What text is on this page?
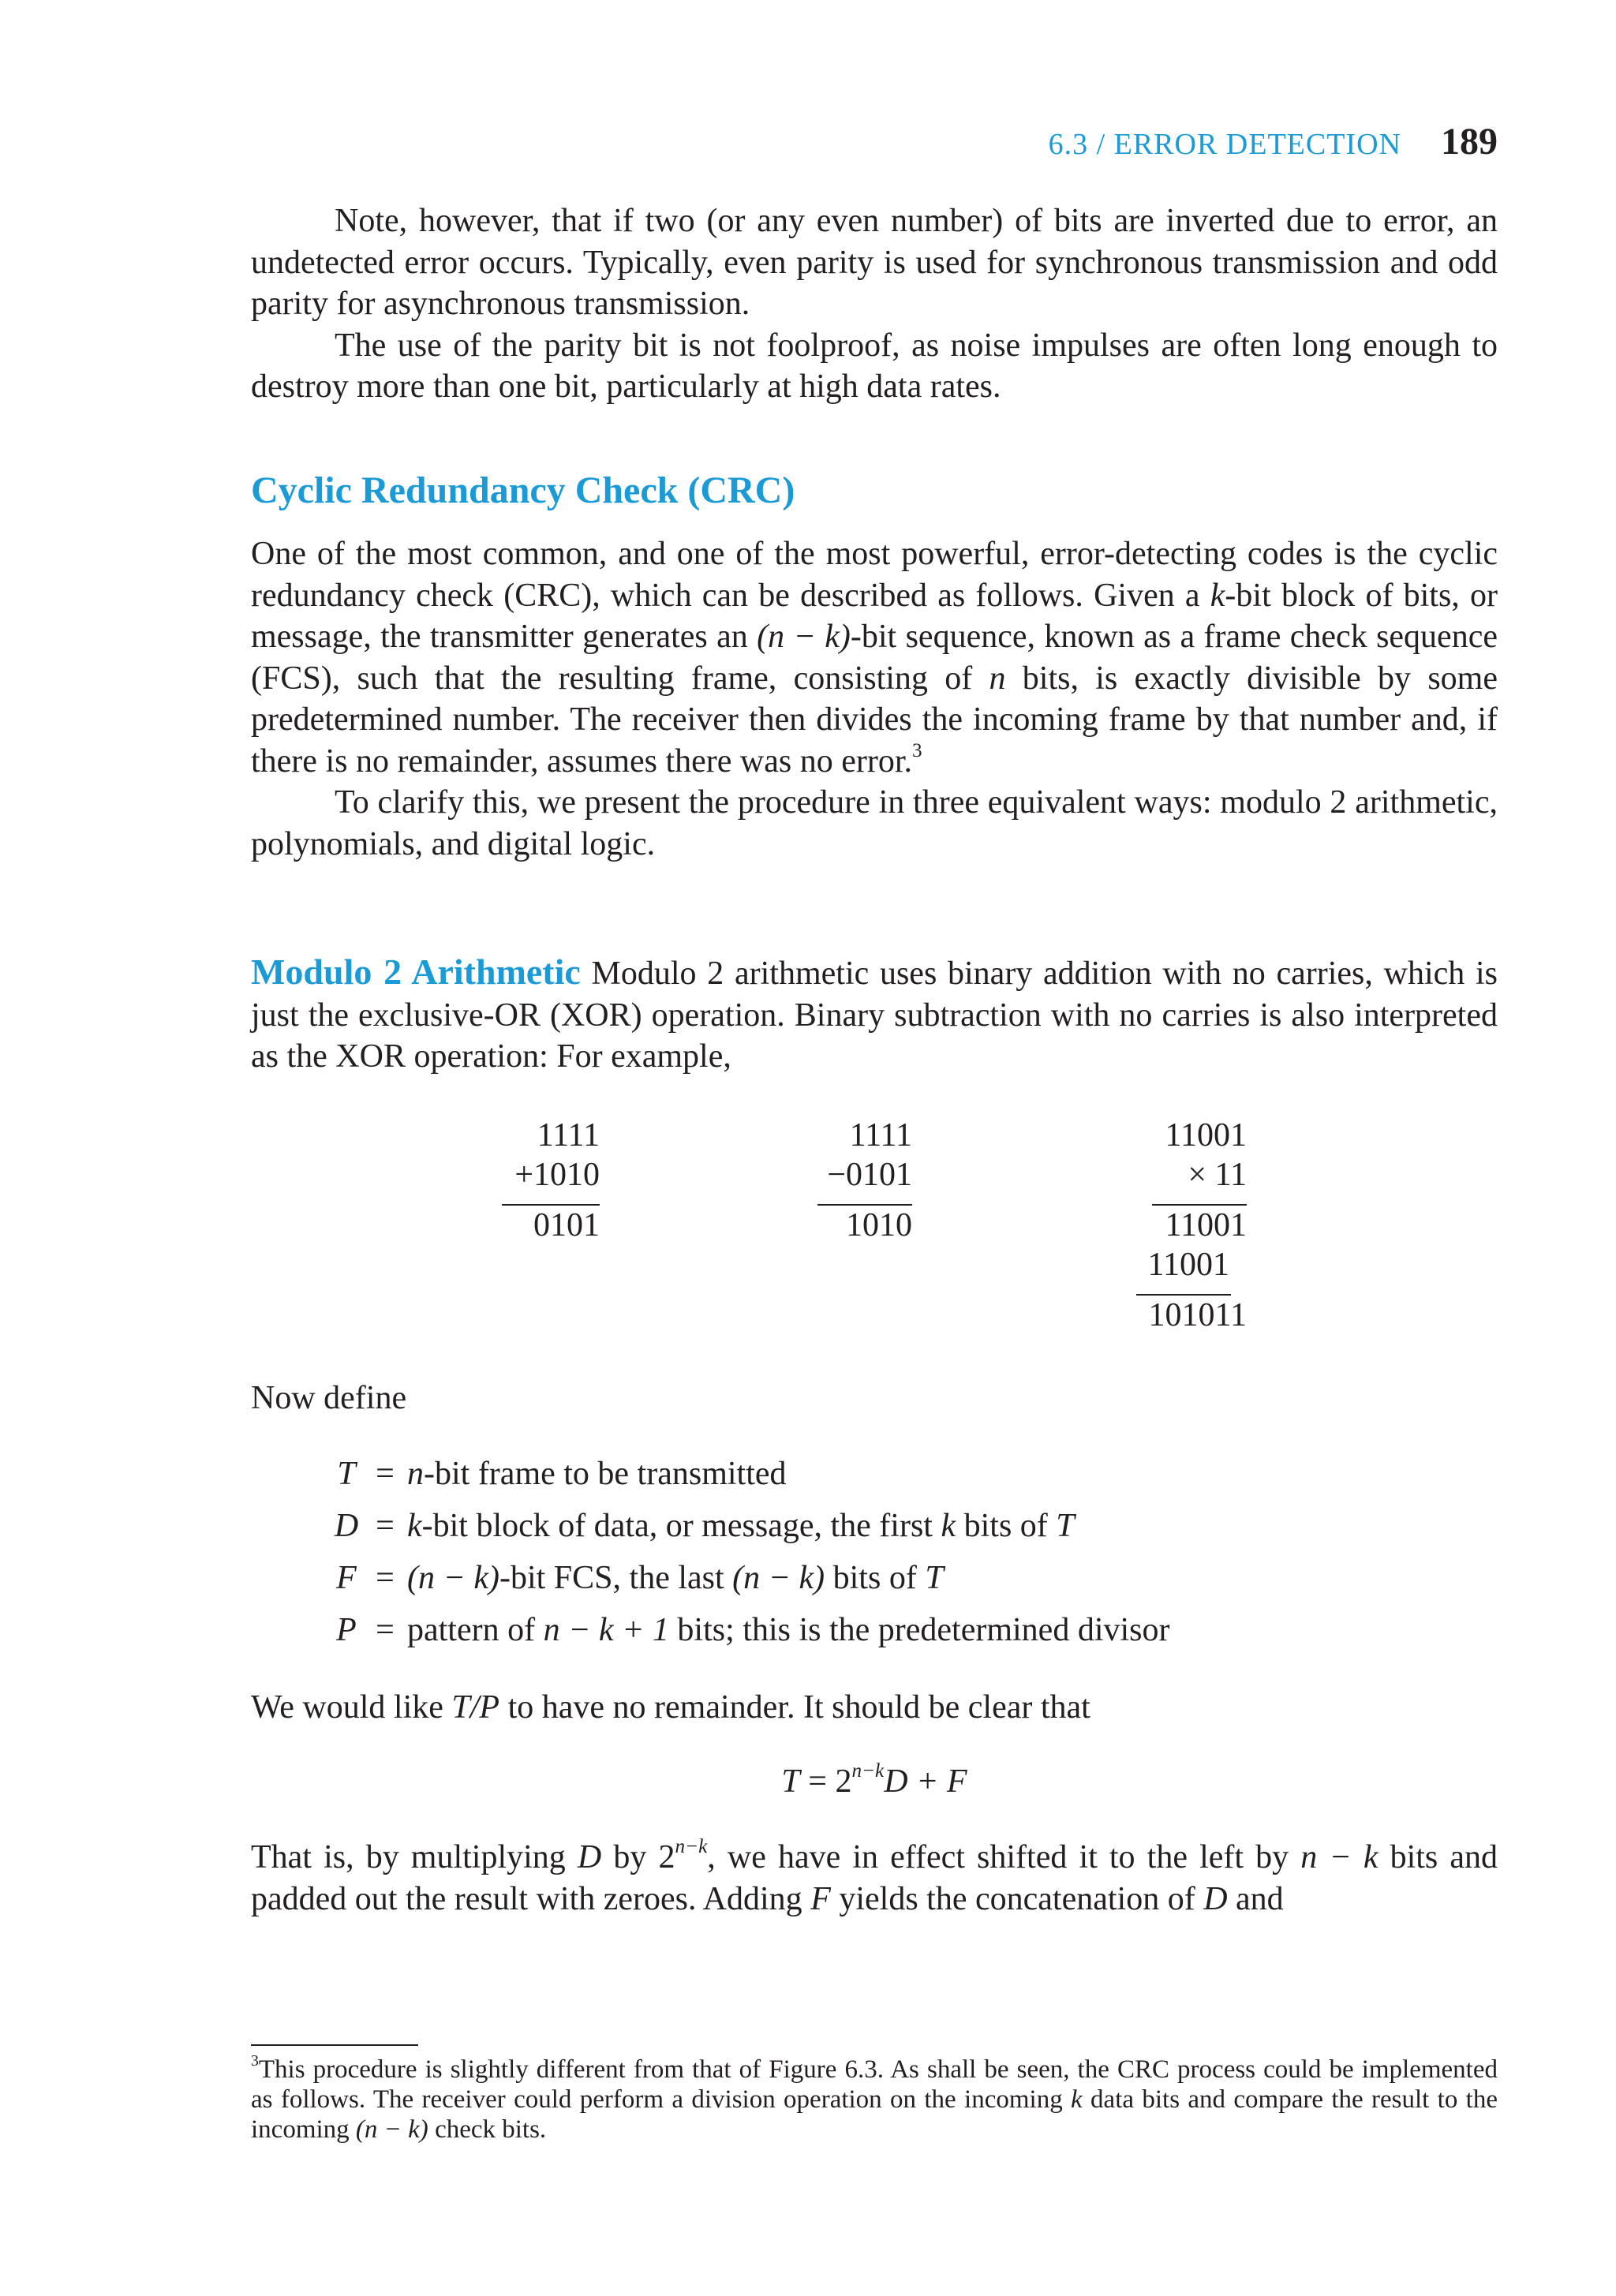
6.3 / ERROR DETECTION 189

Note, however, that if two (or any even number) of bits are inverted due to error, an undetected error occurs. Typically, even parity is used for synchronous transmission and odd parity for asynchronous transmission.

The use of the parity bit is not foolproof, as noise impulses are often long enough to destroy more than one bit, particularly at high data rates.

Cyclic Redundancy Check (CRC)

One of the most common, and one of the most powerful, error-detecting codes is the cyclic redundancy check (CRC), which can be described as follows. Given a k-bit block of bits, or message, the transmitter generates an (n − k)-bit sequence, known as a frame check sequence (FCS), such that the resulting frame, consisting of n bits, is exactly divisible by some predetermined number. The receiver then divides the incoming frame by that number and, if there is no remainder, assumes there was no error.$^3$

To clarify this, we present the procedure in three equivalent ways: modulo 2 arithmetic, polynomials, and digital logic.

Modulo 2 Arithmetic Modulo 2 arithmetic uses binary addition with no carries, which is just the exclusive-OR (XOR) operation. Binary subtraction with no carries is also interpreted as the XOR operation: For example,

1111
+1010
0101
1111
−0101
1010
11001
× 11
11001
11001
101011
Now define
T = n-bit frame to be transmitted
D = k-bit block of data, or message, the first k bits of T
F = (n − k)-bit FCS, the last (n − k) bits of T
P = pattern of n − k + 1 bits; this is the predetermined divisor
We would like T/P to have no remainder. It should be clear that
$T = 2^{n-k}D + F$

That is, by multiplying D by $2^{n-k}$, we have in effect shifted it to the left by n − k bits and padded out the result with zeroes. Adding F yields the concatenation of D and

$^3$This procedure is slightly different from that of Figure 6.3. As shall be seen, the CRC process could be implemented as follows. The receiver could perform a division operation on the incoming k data bits and compare the result to the incoming (n − k) check bits.
